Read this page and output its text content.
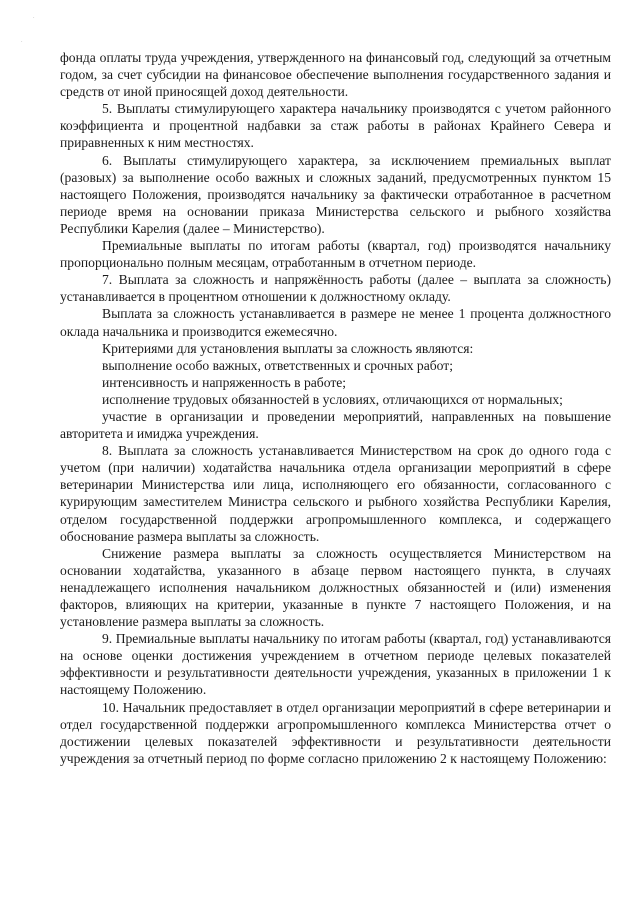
·
·

фонда оплаты труда учреждения, утвержденного на финансовый год, следующий за отчетным годом, за счет субсидии на финансовое обеспечение выполнения государственного задания и средств от иной приносящей доход деятельности.

5. Выплаты стимулирующего характера начальнику производятся с учетом районного коэффициента и процентной надбавки за стаж работы в районах Крайнего Севера и приравненных к ним местностях.

6. Выплаты стимулирующего характера, за исключением премиальных выплат (разовых) за выполнение особо важных и сложных заданий, предусмотренных пунктом 15 настоящего Положения, производятся начальнику за фактически отработанное в расчетном периоде время на основании приказа Министерства сельского и рыбного хозяйства Республики Карелия (далее – Министерство).

Премиальные выплаты по итогам работы (квартал, год) производятся начальнику пропорционально полным месяцам, отработанным в отчетном периоде.

7. Выплата за сложность и напряжённость работы (далее – выплата за сложность) устанавливается в процентном отношении к должностному окладу.

Выплата за сложность устанавливается в размере не менее 1 процента должностного оклада начальника и производится ежемесячно.

Критериями для установления выплаты за сложность являются:

выполнение особо важных, ответственных и срочных работ;

интенсивность и напряженность в работе;

исполнение трудовых обязанностей в условиях, отличающихся от нормальных;

участие в организации и проведении мероприятий, направленных на повышение авторитета и имиджа учреждения.

8. Выплата за сложность устанавливается Министерством на срок до одного года с учетом (при наличии) ходатайства начальника отдела организации мероприятий в сфере ветеринарии Министерства или лица, исполняющего его обязанности, согласованного с курирующим заместителем Министра сельского и рыбного хозяйства Республики Карелия, отделом государственной поддержки агропромышленного комплекса, и содержащего обоснование размера выплаты за сложность.

Снижение размера выплаты за сложность осуществляется Министерством на основании ходатайства, указанного в абзаце первом настоящего пункта, в случаях ненадлежащего исполнения начальником должностных обязанностей и (или) изменения факторов, влияющих на критерии, указанные в пункте 7 настоящего Положения, и на установление размера выплаты за сложность.

9. Премиальные выплаты начальнику по итогам работы (квартал, год) устанавливаются на основе оценки достижения учреждением в отчетном периоде целевых показателей эффективности и результативности деятельности учреждения, указанных в приложении 1 к настоящему Положению.

10. Начальник предоставляет в отдел организации мероприятий в сфере ветеринарии и отдел государственной поддержки агропромышленного комплекса Министерства отчет о достижении целевых показателей эффективности и результативности деятельности учреждения за отчетный период по форме согласно приложению 2 к настоящему Положению:
